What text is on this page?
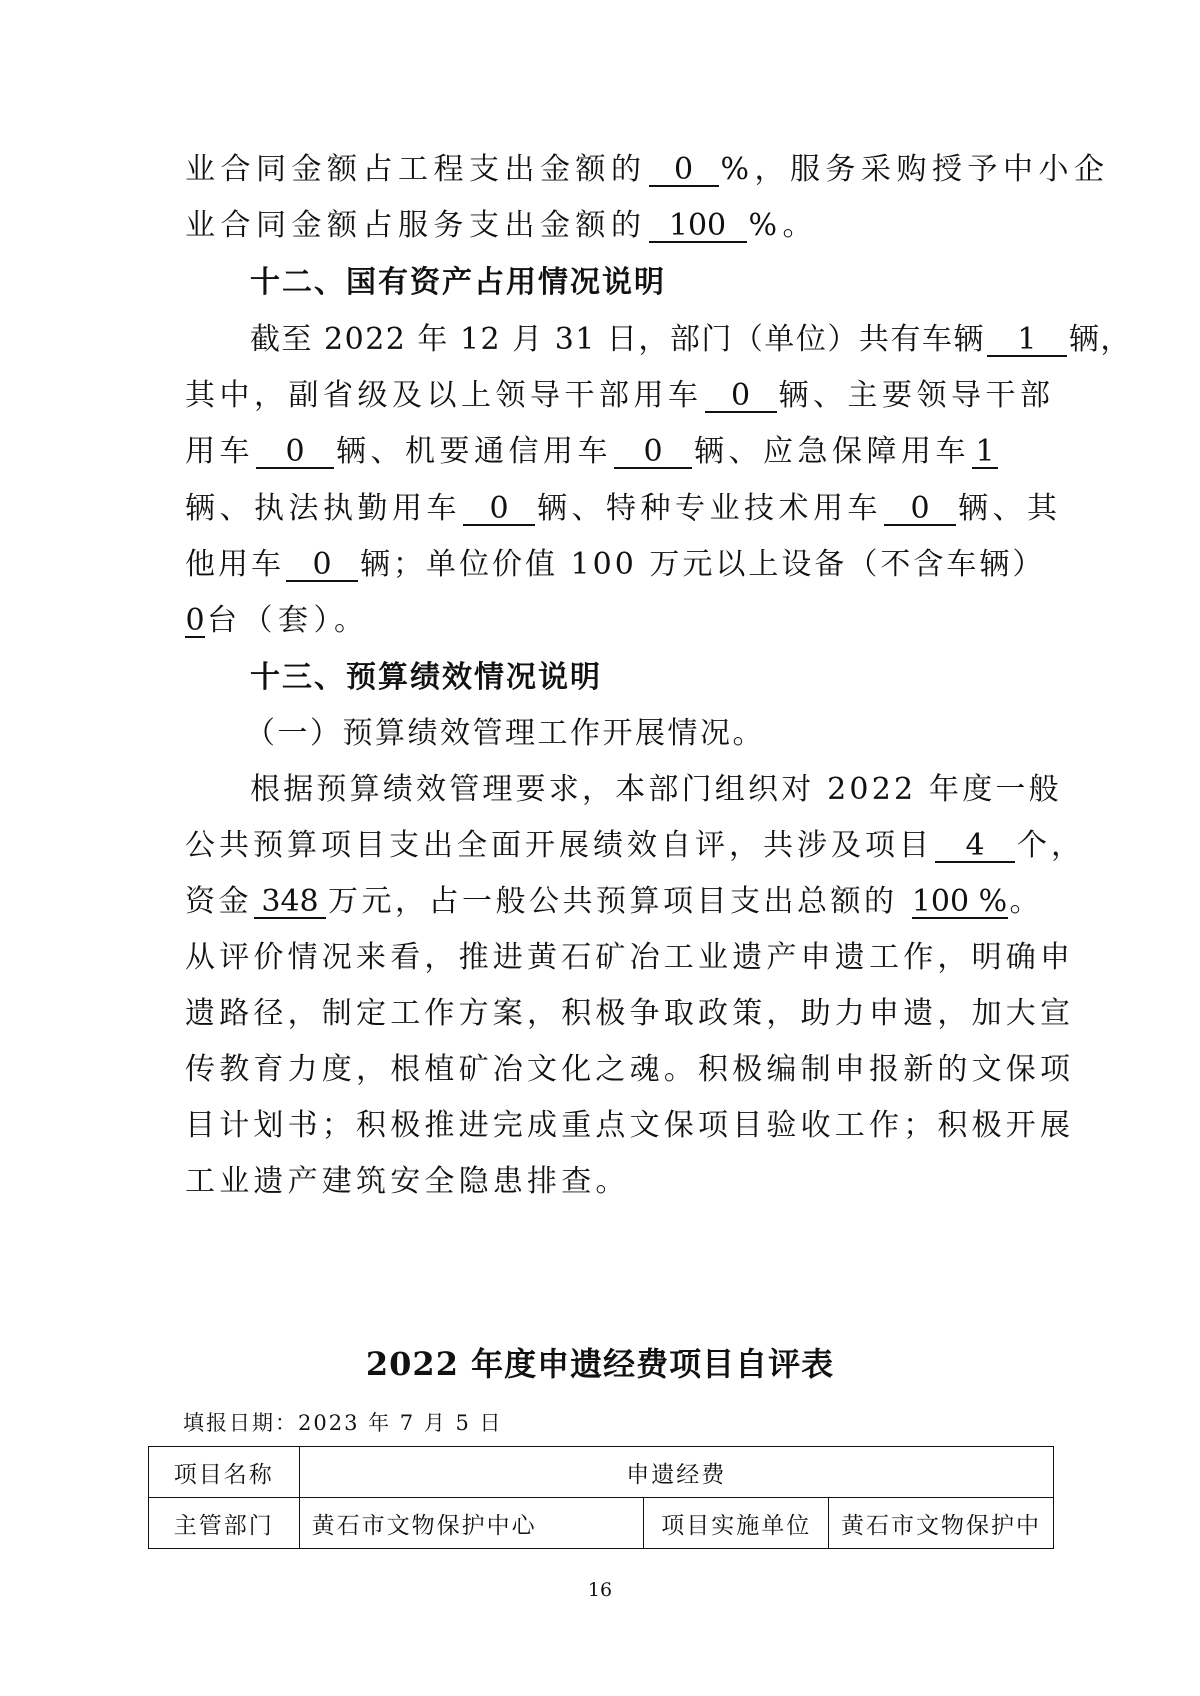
业合同金额占工程支出金额的 0 %，服务采购授予中小企
业合同金额占服务支出金额的 100 %。
十二、国有资产占用情况说明
截至 2022 年 12 月 31 日，部门（单位）共有车辆 1 辆，
其中，副省级及以上领导干部用车 0 辆、主要领导干部
用车 0 辆、机要通信用车 0 辆、应急保障用车 1
辆、执法执勤用车 0 辆、特种专业技术用车 0 辆、其
他用车 0 辆；单位价值 100 万元以上设备（不含车辆）
0台（套）。
十三、预算绩效情况说明
（一）预算绩效管理工作开展情况。
根据预算绩效管理要求，本部门组织对 2022 年度一般
公共预算项目支出全面开展绩效自评，共涉及项目 4 个，
资金 348 万元，占一般公共预算项目支出总额的 100 %。
从评价情况来看，推进黄石矿冶工业遗产申遗工作，明确申
遗路径，制定工作方案，积极争取政策，助力申遗，加大宣
传教育力度，根植矿冶文化之魂。积极编制申报新的文保项
目计划书；积极推进完成重点文保项目验收工作；积极开展
工业遗产建筑安全隐患排查。
2022 年度申遗经费项目自评表
填报日期：2023 年 7 月 5 日
项目名称	申遗经费		
主管部门	黄石市文物保护中心	项目实施单位	黄石市文物保护中
16
